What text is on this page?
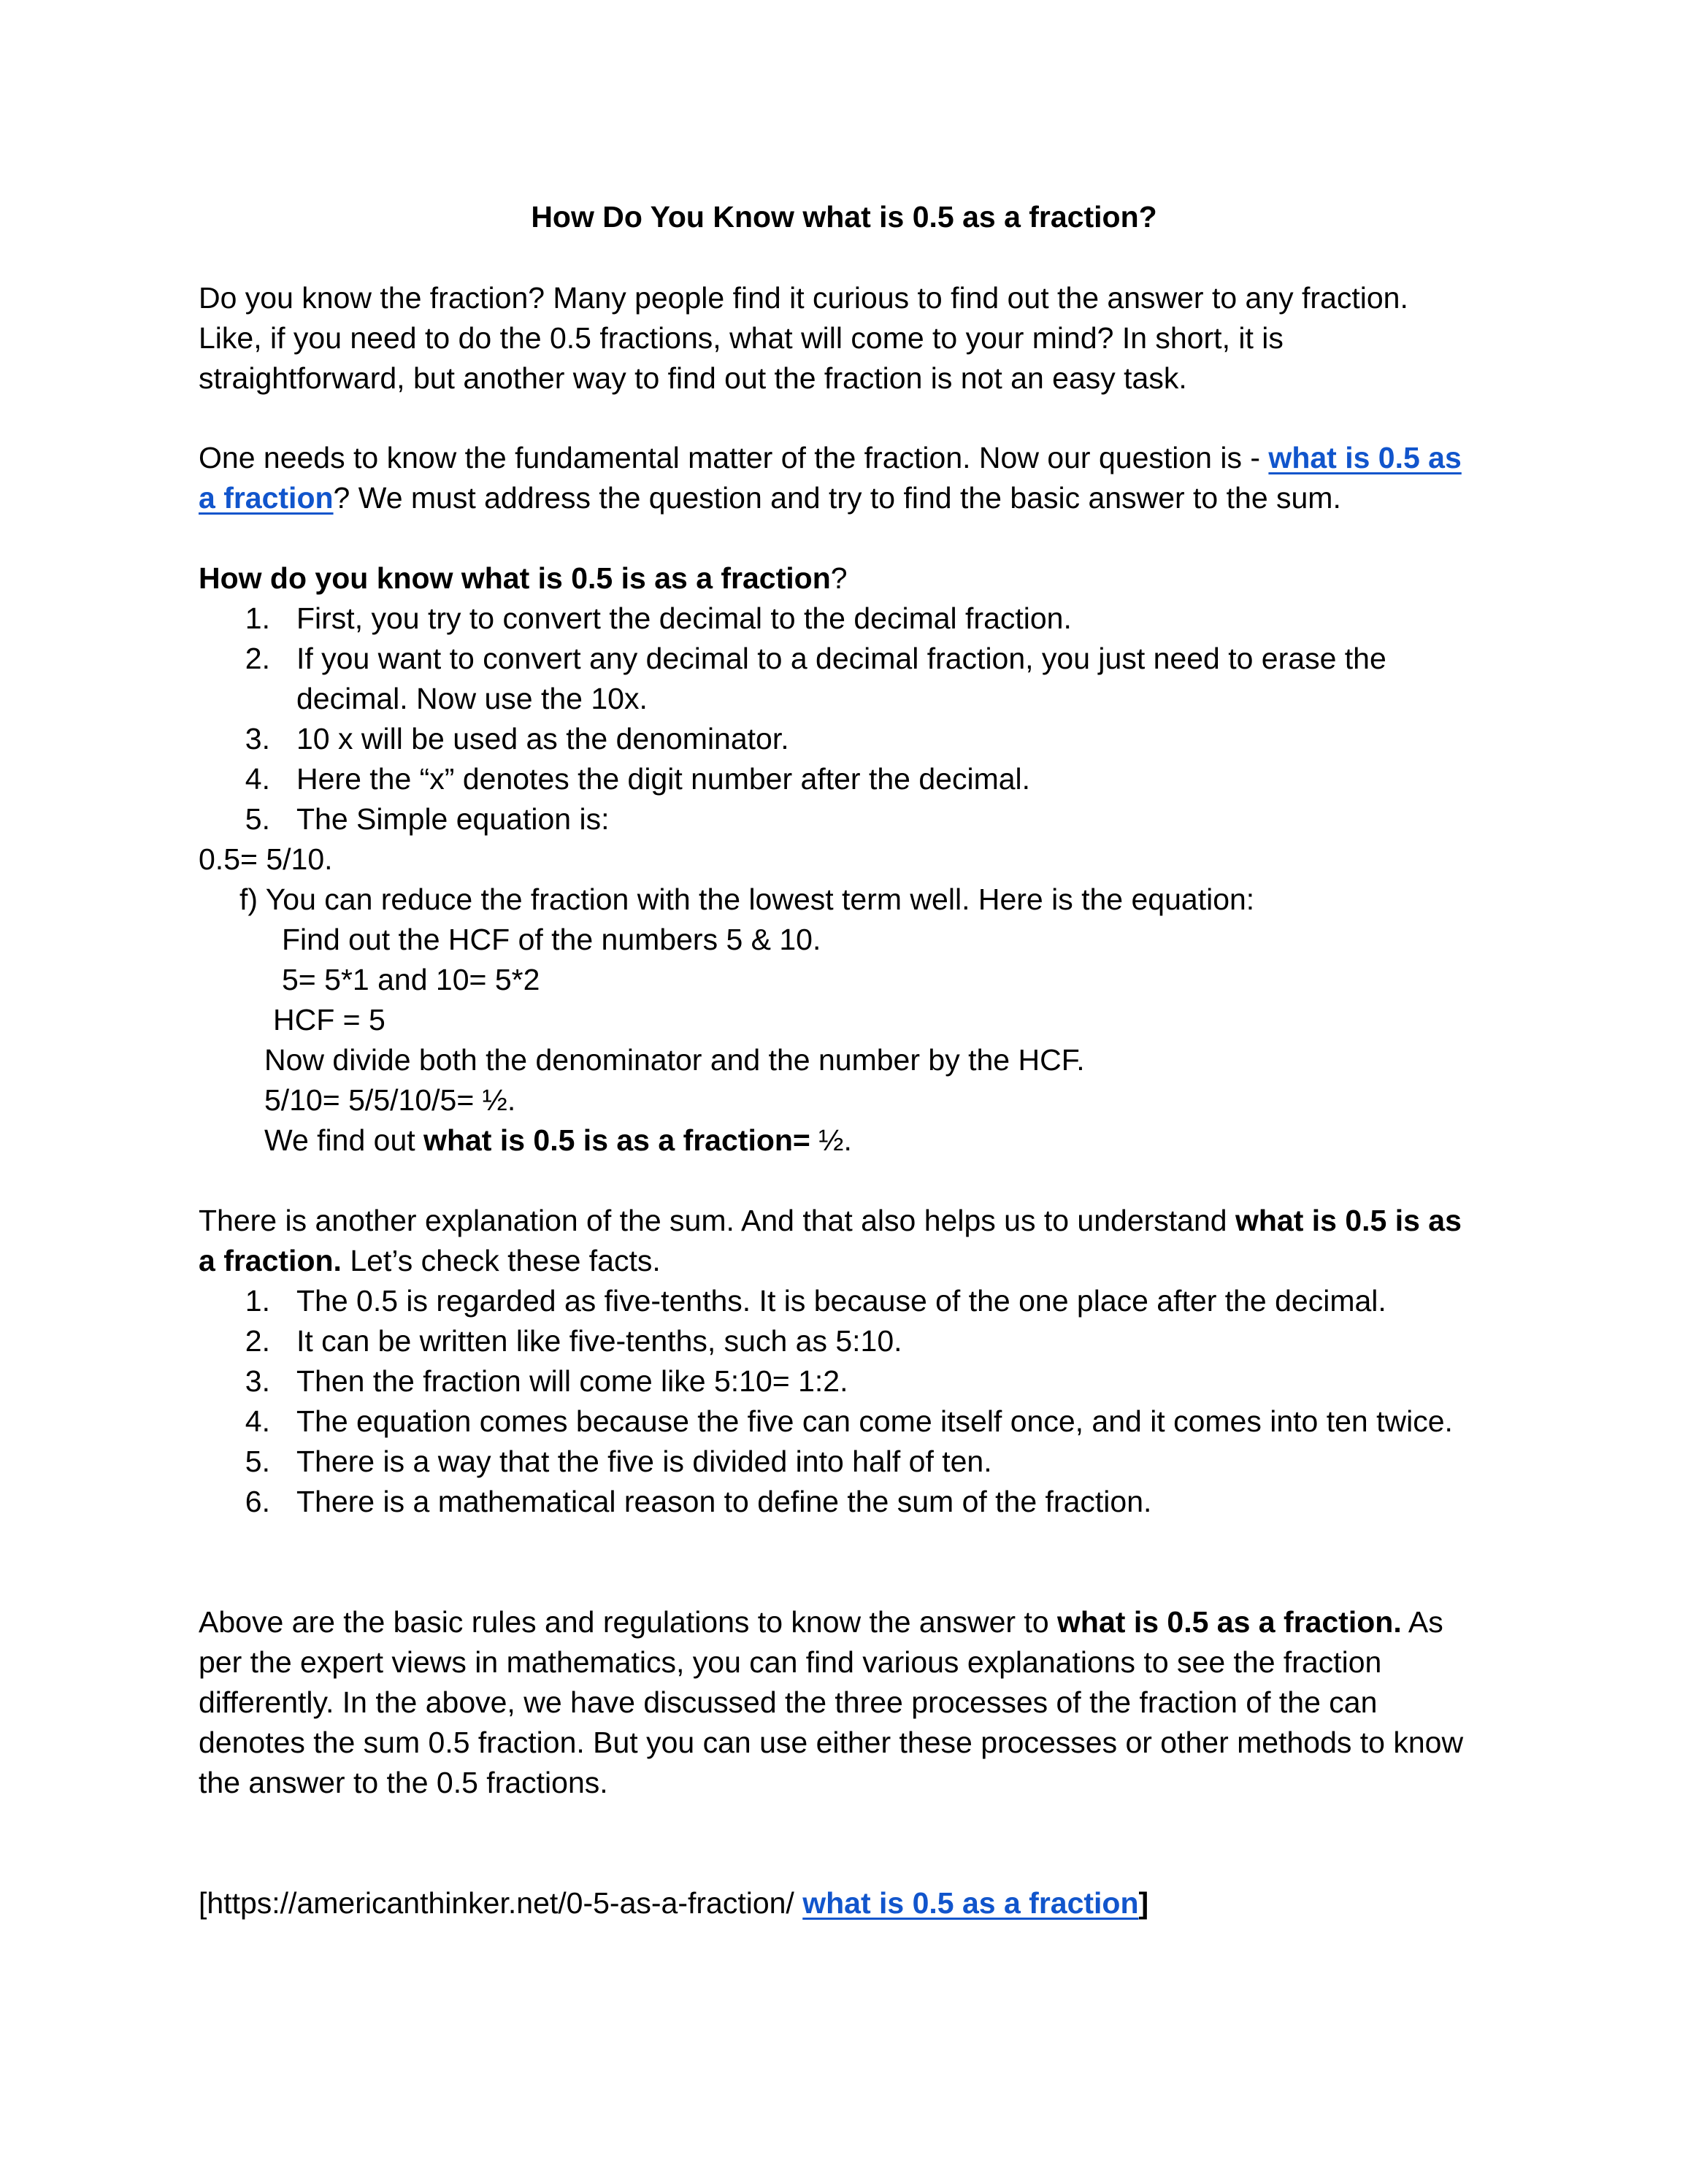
How Do You Know what is 0.5 as a fraction?
Do you know the fraction? Many people find it curious to find out the answer to any fraction.
Like, if you need to do the 0.5 fractions, what will come to your mind? In short, it is
straightforward, but another way to find out the fraction is not an easy task.
One needs to know the fundamental matter of the fraction. Now our question is - what is 0.5 as
a fraction? We must address the question and try to find the basic answer to the sum.
How do you know what is 0.5 is as a fraction?
1. First, you try to convert the decimal to the decimal fraction.
2. If you want to convert any decimal to a decimal fraction, you just need to erase the
decimal. Now use the 10x.
3. 10 x will be used as the denominator.
4. Here the “x” denotes the digit number after the decimal.
5. The Simple equation is:
0.5= 5/10.
f) You can reduce the fraction with the lowest term well. Here is the equation:
Find out the HCF of the numbers 5 & 10.
5= 5*1 and 10= 5*2
HCF = 5
Now divide both the denominator and the number by the HCF.
5/10= 5/5/10/5= ½.
We find out what is 0.5 is as a fraction= ½.
There is another explanation of the sum. And that also helps us to understand what is 0.5 is as
a fraction. Let’s check these facts.
1. The 0.5 is regarded as five-tenths. It is because of the one place after the decimal.
2. It can be written like five-tenths, such as 5:10.
3. Then the fraction will come like 5:10= 1:2.
4. The equation comes because the five can come itself once, and it comes into ten twice.
5. There is a way that the five is divided into half of ten.
6. There is a mathematical reason to define the sum of the fraction.
Above are the basic rules and regulations to know the answer to what is 0.5 as a fraction. As
per the expert views in mathematics, you can find various explanations to see the fraction
differently. In the above, we have discussed the three processes of the fraction of the can
denotes the sum 0.5 fraction. But you can use either these processes or other methods to know
the answer to the 0.5 fractions.
[https://americanthinker.net/0-5-as-a-fraction/ what is 0.5 as a fraction]
